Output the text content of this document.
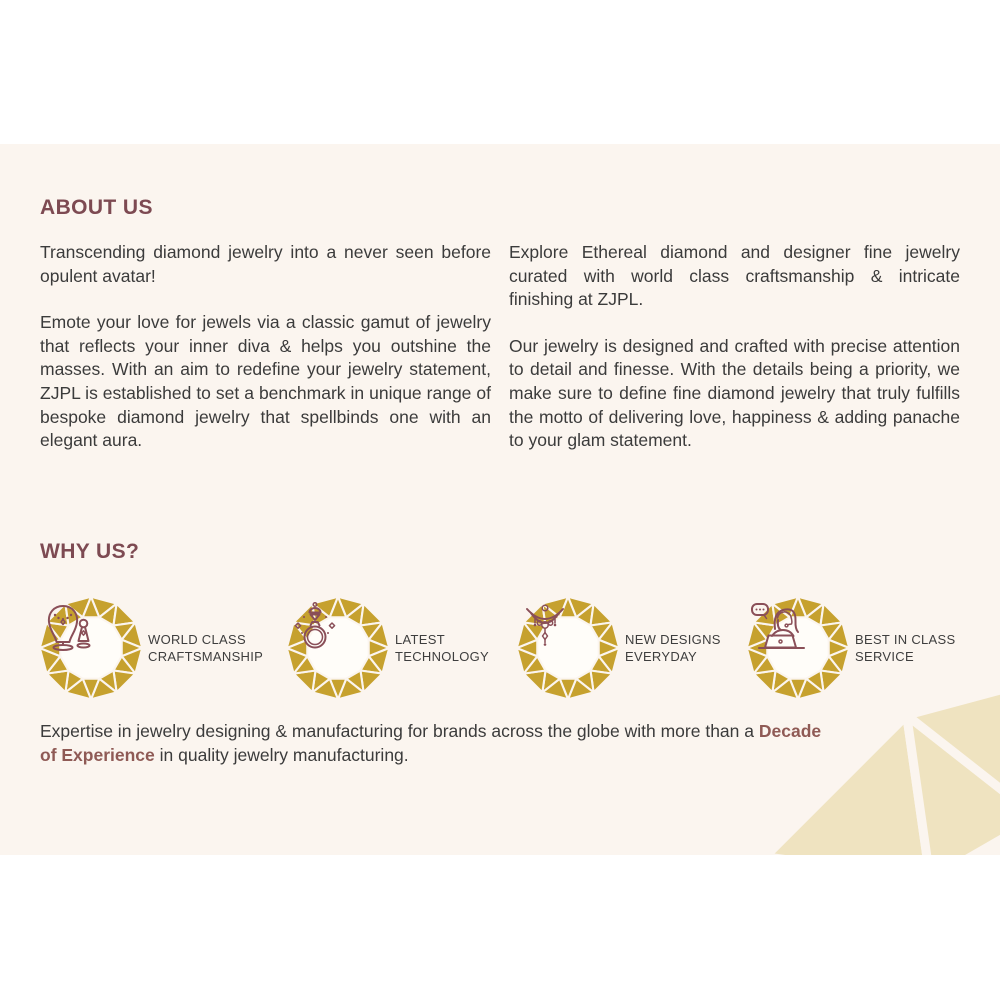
ABOUT US

Transcending diamond jewelry into a never seen before opulent avatar!

Emote your love for jewels via a classic gamut of jewelry that reflects your inner diva & helps you outshine the masses. With an aim to redefine your jewelry statement, ZJPL is established to set a benchmark in unique range of bespoke diamond jewelry that spellbinds one with an elegant aura.

Explore Ethereal diamond and designer fine jewelry curated with world class craftsmanship & intricate finishing at ZJPL.

Our jewelry is designed and crafted with precise attention to detail and finesse. With the details being a priority, we make sure to define fine diamond jewelry that truly fulfills the motto of delivering love, happiness & adding panache to your glam statement.

WHY US?
WORLD CLASS
CRAFTSMANSHIP
LATEST
TECHNOLOGY
NEW DESIGNS
EVERYDAY
BEST IN CLASS
SERVICE
Expertise in jewelry designing & manufacturing for brands across the globe with more than a Decade of Experience in quality jewelry manufacturing.
